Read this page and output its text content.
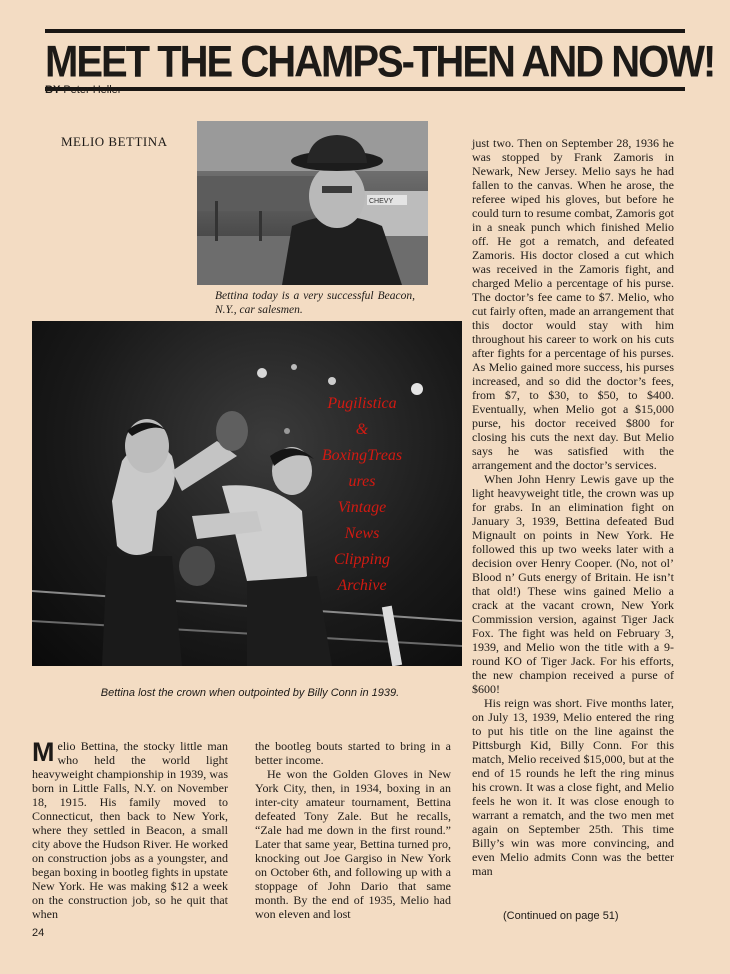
MEET THE CHAMPS-THEN AND NOW!
BY Peter Heller
MELIO BETTINA
CHEVY
Bettina today is a very successful Beacon, N.Y., car salesmen.
Pugilistica
&
BoxingTreas
ures
Vintage
News
Clipping
Archive
Bettina lost the crown when outpointed by Billy Conn in 1939.
M elio Bettina, the stocky little man who held the world light heavyweight championship in 1939, was born in Little Falls, N.Y. on November 18, 1915. His family moved to Connecticut, then back to New York, where they settled in Beacon, a small city above the Hudson River. He worked on construction jobs as a youngster, and began boxing in bootleg fights in upstate New York. He was making $12 a week on the construction job, so he quit that when

the bootleg bouts started to bring in a better income.

He won the Golden Gloves in New York City, then, in 1934, boxing in an inter-city amateur tournament, Bettina defeated Tony Zale. But he recalls, “Zale had me down in the first round.” Later that same year, Bettina turned pro, knocking out Joe Gargiso in New York on October 6th, and following up with a stoppage of John Dario that same month. By the end of 1935, Melio had won eleven and lost

just two. Then on September 28, 1936 he was stopped by Frank Zamoris in Newark, New Jersey. Melio says he had fallen to the canvas. When he arose, the referee wiped his gloves, but before he could turn to resume combat, Zamoris got in a sneak punch which finished Melio off. He got a rematch, and defeated Zamoris. His doctor closed a cut which was received in the Zamoris fight, and charged Melio a percentage of his purse. The doctor’s fee came to $7. Melio, who cut fairly often, made an arrangement that this doctor would stay with him throughout his career to work on his cuts after fights for a percentage of his purses. As Melio gained more success, his purses increased, and so did the doctor’s fees, from $7, to $30, to $50, to $400. Eventually, when Melio got a $15,000 purse, his doctor received $800 for closing his cuts the next day. But Melio says he was satisfied with the arrangement and the doctor’s services.

When John Henry Lewis gave up the light heavyweight title, the crown was up for grabs. In an elimination fight on January 3, 1939, Bettina defeated Bud Mignault on points in New York. He followed this up two weeks later with a decision over Henry Cooper. (No, not ol’ Blood n’ Guts energy of Britain. He isn’t that old!) These wins gained Melio a crack at the vacant crown, New York Commission version, against Tiger Jack Fox. The fight was held on February 3, 1939, and Melio won the title with a 9-round KO of Tiger Jack. For his efforts, the new champion received a purse of $600!

His reign was short. Five months later, on July 13, 1939, Melio entered the ring to put his title on the line against the Pittsburgh Kid, Billy Conn. For this match, Melio received $15,000, but at the end of 15 rounds he left the ring minus his crown. It was a close fight, and Melio feels he won it. It was close enough to warrant a rematch, and the two men met again on September 25th. This time Billy’s win was more convincing, and even Melio admits Conn was the better man

(Continued on page 51)
24
